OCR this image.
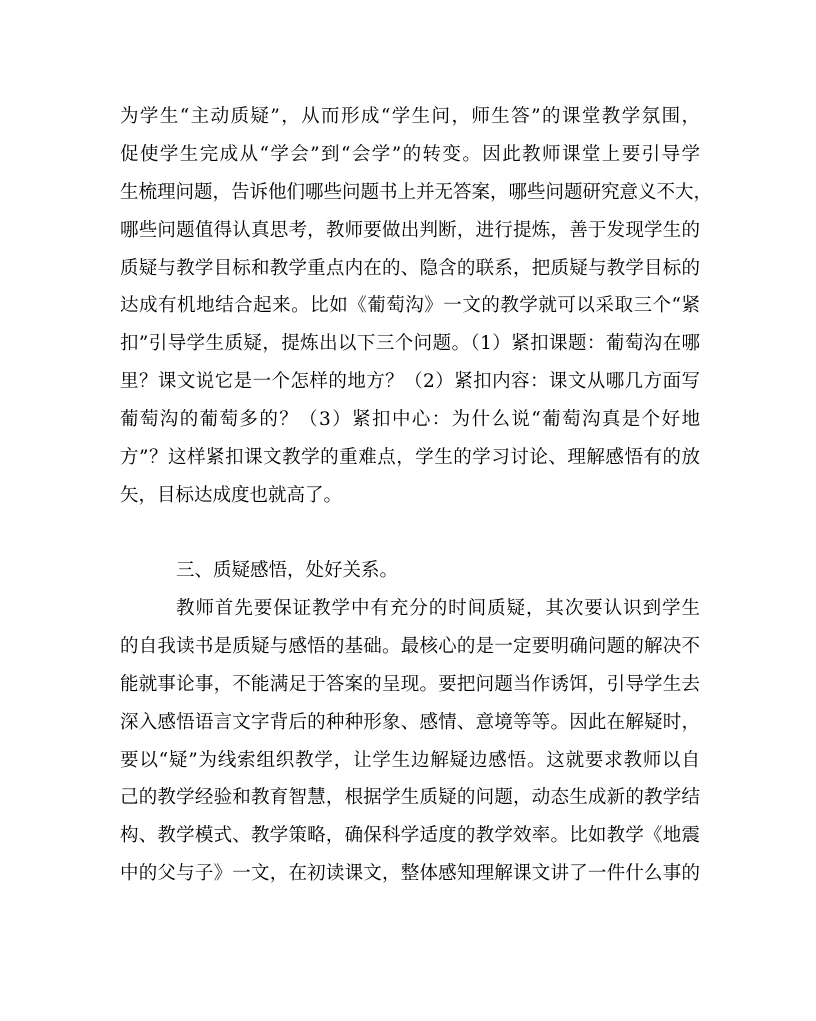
为学生“主动质疑”，从而形成“学生问，师生答”的课堂教学氛围，
促使学生完成从“学会”到“会学”的转变。因此教师课堂上要引导学
生梳理问题，告诉他们哪些问题书上并无答案，哪些问题研究意义不大，
哪些问题值得认真思考，教师要做出判断，进行提炼，善于发现学生的
质疑与教学目标和教学重点内在的、隐含的联系，把质疑与教学目标的
达成有机地结合起来。比如《葡萄沟》一文的教学就可以采取三个“紧
扣”引导学生质疑，提炼出以下三个问题。（1）紧扣课题：葡萄沟在哪
里？课文说它是一个怎样的地方？（2）紧扣内容：课文从哪几方面写
葡萄沟的葡萄多的？（3）紧扣中心：为什么说“葡萄沟真是个好地
方”？这样紧扣课文教学的重难点，学生的学习讨论、理解感悟有的放
矢，目标达成度也就高了。
三、质疑感悟，处好关系。
教师首先要保证教学中有充分的时间质疑，其次要认识到学生
的自我读书是质疑与感悟的基础。最核心的是一定要明确问题的解决不
能就事论事，不能满足于答案的呈现。要把问题当作诱饵，引导学生去
深入感悟语言文字背后的种种形象、感情、意境等等。因此在解疑时，
要以“疑”为线索组织教学，让学生边解疑边感悟。这就要求教师以自
己的教学经验和教育智慧，根据学生质疑的问题，动态生成新的教学结
构、教学模式、教学策略，确保科学适度的教学效率。比如教学《地震
中的父与子》一文，在初读课文，整体感知理解课文讲了一件什么事的
